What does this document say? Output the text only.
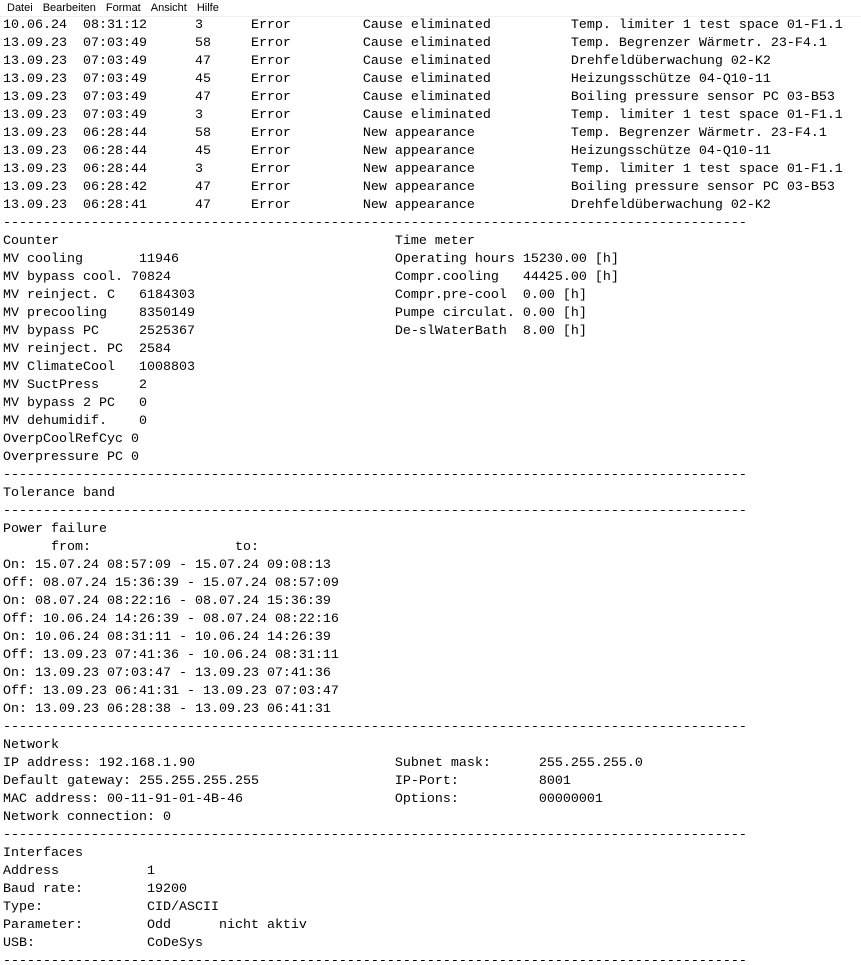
Datei Bearbeiten Format Ansicht Hilfe
10.06.24  08:31:12      3      Error         Cause eliminated          Temp. limiter 1 test space 01-F1.1
13.09.23  07:03:49      58     Error         Cause eliminated          Temp. Begrenzer Wärmetr. 23-F4.1
13.09.23  07:03:49      47     Error         Cause eliminated          Drehfeldüberwachung 02-K2
13.09.23  07:03:49      45     Error         Cause eliminated          Heizungsschütze 04-Q10-11
13.09.23  07:03:49      47     Error         Cause eliminated          Boiling pressure sensor PC 03-B53
13.09.23  07:03:49      3      Error         Cause eliminated          Temp. limiter 1 test space 01-F1.1
13.09.23  06:28:44      58     Error         New appearance            Temp. Begrenzer Wärmetr. 23-F4.1
13.09.23  06:28:44      45     Error         New appearance            Heizungsschütze 04-Q10-11
13.09.23  06:28:44      3      Error         New appearance            Temp. limiter 1 test space 01-F1.1
13.09.23  06:28:42      47     Error         New appearance            Boiling pressure sensor PC 03-B53
13.09.23  06:28:41      47     Error         New appearance            Drehfeldüberwachung 02-K2
---------------------------------------------------------------------------------------------
Counter                                          Time meter
MV cooling       11946                           Operating hours 15230.00 [h]
MV bypass cool. 70824                            Compr.cooling   44425.00 [h]
MV reinject. C   6184303                         Compr.pre-cool  0.00 [h]
MV precooling    8350149                         Pumpe circulat. 0.00 [h]
MV bypass PC     2525367                         De-slWaterBath  8.00 [h]
MV reinject. PC  2584
MV ClimateCool   1008803
MV SuctPress     2
MV bypass 2 PC   0
MV dehumidif.    0
OverpCoolRefCyc 0
Overpressure PC 0
---------------------------------------------------------------------------------------------
Tolerance band
---------------------------------------------------------------------------------------------
Power failure
from:                  to:
On: 15.07.24 08:57:09 - 15.07.24 09:08:13
Off: 08.07.24 15:36:39 - 15.07.24 08:57:09
On: 08.07.24 08:22:16 - 08.07.24 15:36:39
Off: 10.06.24 14:26:39 - 08.07.24 08:22:16
On: 10.06.24 08:31:11 - 10.06.24 14:26:39
Off: 13.09.23 07:41:36 - 10.06.24 08:31:11
On: 13.09.23 07:03:47 - 13.09.23 07:41:36
Off: 13.09.23 06:41:31 - 13.09.23 07:03:47
On: 13.09.23 06:28:38 - 13.09.23 06:41:31
---------------------------------------------------------------------------------------------
Network
IP address: 192.168.1.90                         Subnet mask:      255.255.255.0
Default gateway: 255.255.255.255                 IP-Port:          8001
MAC address: 00-11-91-01-4B-46                   Options:          00000001
Network connection: 0
---------------------------------------------------------------------------------------------
Interfaces
Address           1
Baud rate:        19200
Type:             CID/ASCII
Parameter:        Odd      nicht aktiv
USB:              CoDeSys
---------------------------------------------------------------------------------------------
